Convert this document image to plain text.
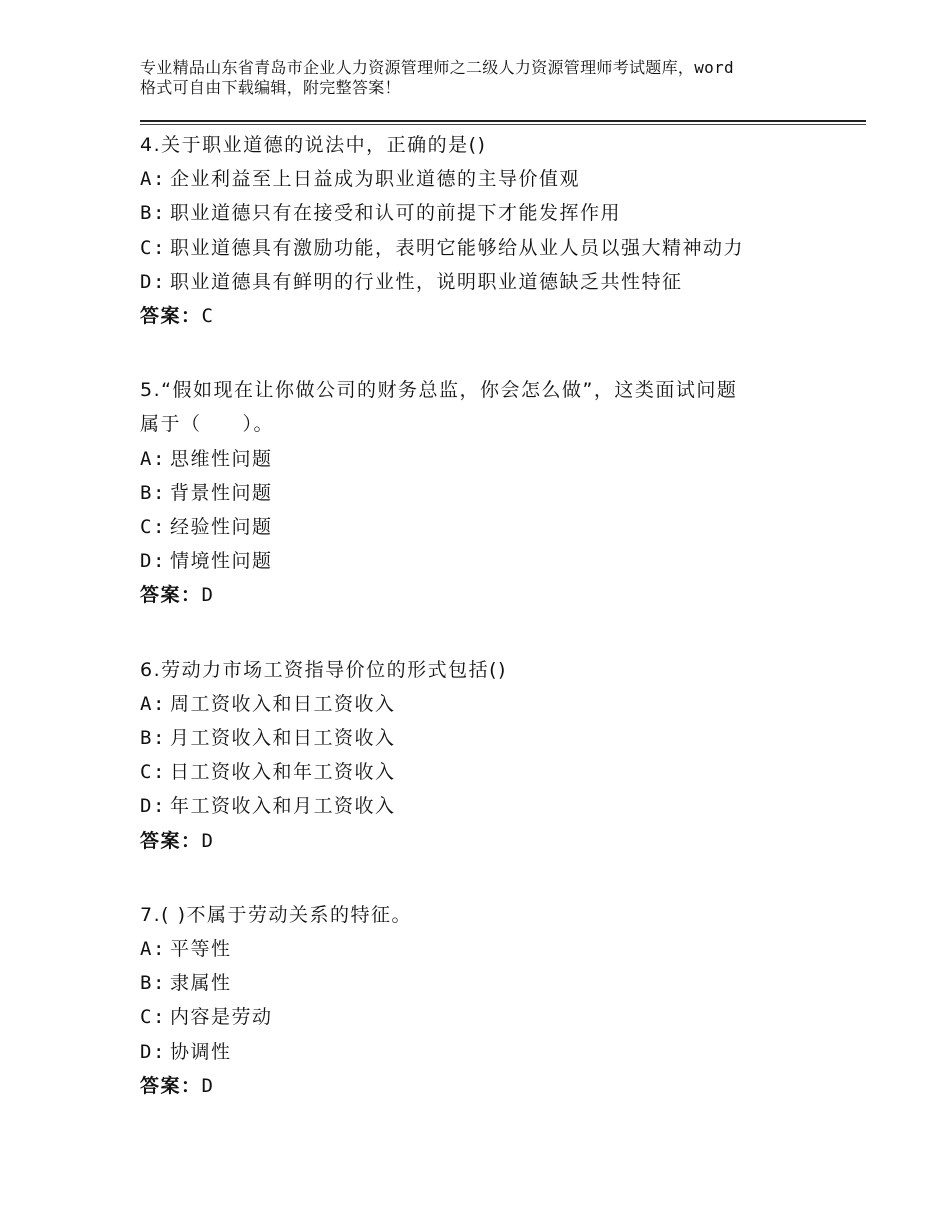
专业精品山东省青岛市企业人力资源管理师之二级人力资源管理师考试题库，word
格式可自由下载编辑，附完整答案！
4.关于职业道德的说法中，正确的是()
A: 企业利益至上日益成为职业道德的主导价值观
B: 职业道德只有在接受和认可的前提下才能发挥作用
C: 职业道德具有激励功能，表明它能够给从业人员以强大精神动力
D: 职业道德具有鲜明的行业性，说明职业道德缺乏共性特征
答案：C
5.“假如现在让你做公司的财务总监，你会怎么做”，这类面试问题
属于（　　）。
A: 思维性问题
B: 背景性问题
C: 经验性问题
D: 情境性问题
答案：D
6.劳动力市场工资指导价位的形式包括()
A: 周工资收入和日工资收入
B: 月工资收入和日工资收入
C: 日工资收入和年工资收入
D: 年工资收入和月工资收入
答案：D
7.( )不属于劳动关系的特征。
A: 平等性
B: 隶属性
C: 内容是劳动
D: 协调性
答案：D
